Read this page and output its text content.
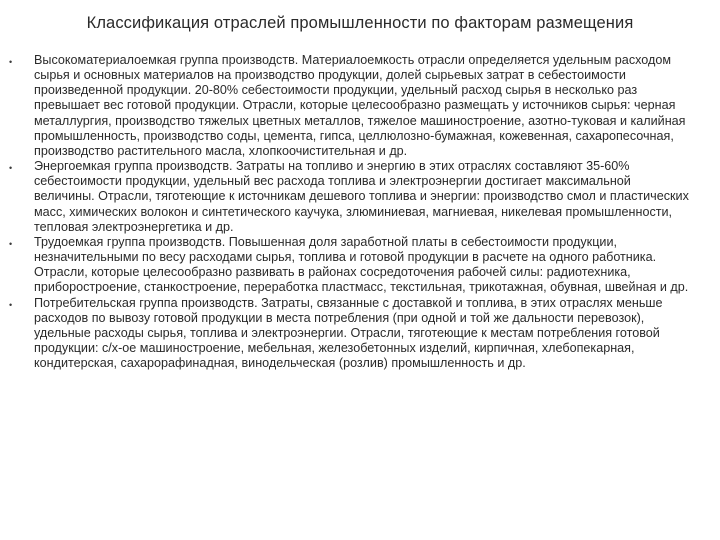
Классификация отраслей промышленности по факторам размещения
• Высокоматериалоемкая группа производств. Материалоемкость отрасли определяется удельным расходом сырья и основных материалов на производство продукции, долей сырьевых затрат в себестоимости произведенной продукции. 20-80% себестоимости продукции, удельный расход сырья в несколько раз превышает вес готовой продукции. Отрасли, которые целесообразно размещать у источников сырья: черная металлургия, производство тяжелых цветных металлов, тяжелое машиностроение, азотно-туковая и калийная промышленность, производство соды, цемента, гипса, целлюлозно-бумажная, кожевенная, сахаропесочная, производство растительного масла, хлопкоочистительная и др.
• Энергоемкая группа производств. Затраты на топливо и энергию в этих отраслях составляют 35-60% себестоимости продукции, удельный вес расхода топлива и электроэнергии достигает максимальной величины. Отрасли, тяготеющие к источникам дешевого топлива и энергии: производство смол и пластических масс, химических волокон и синтетического каучука, злюминиевая, магниевая, никелевая промышленности, тепловая электроэнергетика и др.
• Трудоемкая группа производств. Повышенная доля заработной платы в себестоимости продукции, незначительными по весу расходами сырья, топлива и готовой продукции в расчете на одного работника. Отрасли, которые целесообразно развивать в районах сосредоточения рабочей силы: радиотехника, приборостроение, станкостроение, переработка пластмасс, текстильная, трикотажная, обувная, швейная и др.
• Потребительская группа производств. Затраты, связанные с доставкой и топлива, в этих отраслях меньше расходов по вывозу готовой продукции в места потребления (при одной и той же дальности перевозок), удельные расходы сырья, топлива и электроэнергии. Отрасли, тяготеющие к местам потребления готовой продукции: с/х-ое машиностроение, мебельная, железобетонных изделий, кирпичная, хлебопекарная, кондитерская, сахарорафинадная, винодельческая (розлив) промышленность и др.
